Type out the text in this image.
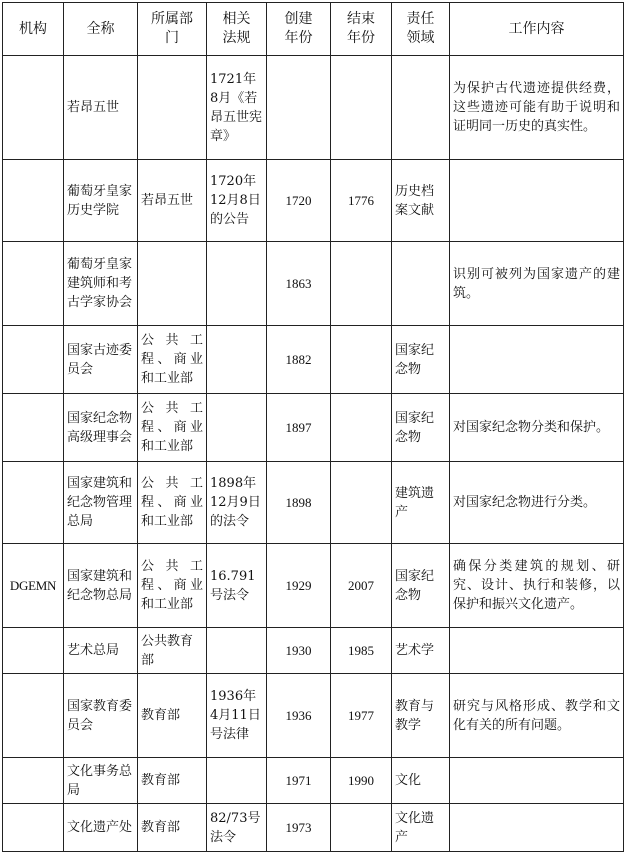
机构	全称	所属部门	相关法规	创建年份	结束年份	责任领域	工作内容
	若昂五世		1721年8月《若昂五世宪章》				为保护古代遗迹提供经费，这些遗迹可能有助于说明和证明同一历史的真实性。
	葡萄牙皇家历史学院	若昂五世	1720年12月8日的公告	1720	1776	历史档案文献	
	葡萄牙皇家建筑师和考古学家协会			1863			识别可被列为国家遗产的建筑。
	国家古迹委员会	公共工程、商业和工业部		1882		国家纪念物	
	国家纪念物高级理事会	公共工程、商业和工业部		1897		国家纪念物	对国家纪念物分类和保护。
	国家建筑和纪念物管理总局	公共工程、商业和工业部	1898年12月9日的法令	1898		建筑遗产	对国家纪念物进行分类。
DGEMN	国家建筑和纪念物总局	公共工程、商业和工业部	16.791号法令	1929	2007	国家纪念物	确保分类建筑的规划、研究、设计、执行和装修，以保护和振兴文化遗产。
	艺术总局	公共教育部		1930	1985	艺术学	
	国家教育委员会	教育部	1936年4月11日号法律	1936	1977	教育与教学	研究与风格形成、教学和文化有关的所有问题。
	文化事务总局	教育部		1971	1990	文化	
	文化遗产处	教育部	82/73号法令	1973		文化遗产	
